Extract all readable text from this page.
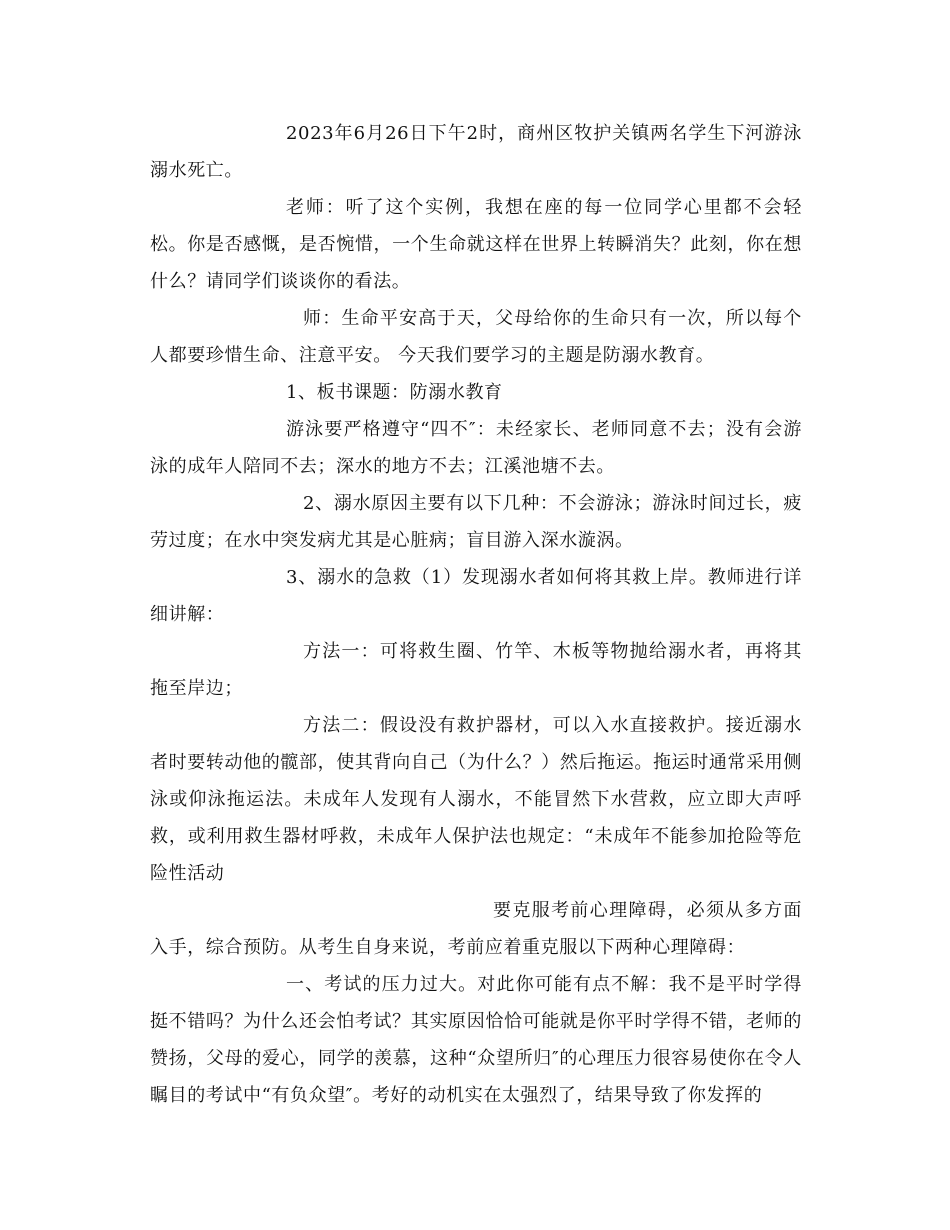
2023年6月26日下午2时，商州区牧护关镇两名学生下河游泳溺水死亡。

老师：听了这个实例，我想在座的每一位同学心里都不会轻松。你是否感慨，是否惋惜，一个生命就这样在世界上转瞬消失？此刻，你在想什么？请同学们谈谈你的看法。

师：生命平安高于天，父母给你的生命只有一次，所以每个人都要珍惜生命、注意平安。 今天我们要学习的主题是防溺水教育。

1、板书课题：防溺水教育

游泳要严格遵守“四不″：未经家长、老师同意不去；没有会游泳的成年人陪同不去；深水的地方不去；江溪池塘不去。

2、溺水原因主要有以下几种：不会游泳；游泳时间过长，疲劳过度；在水中突发病尤其是心脏病；盲目游入深水漩涡。

3、溺水的急救（1）发现溺水者如何将其救上岸。教师进行详细讲解：

方法一：可将救生圈、竹竿、木板等物抛给溺水者，再将其拖至岸边；

方法二：假设没有救护器材，可以入水直接救护。接近溺水者时要转动他的髋部，使其背向自己（为什么？）然后拖运。拖运时通常采用侧泳或仰泳拖运法。未成年人发现有人溺水，不能冒然下水营救，应立即大声呼救，或利用救生器材呼救，未成年人保护法也规定：“未成年不能参加抢险等危险性活动

要克服考前心理障碍，必须从多方面入手，综合预防。从考生自身来说，考前应着重克服以下两种心理障碍：

一、考试的压力过大。对此你可能有点不解：我不是平时学得挺不错吗？为什么还会怕考试？其实原因恰恰可能就是你平时学得不错，老师的赞扬，父母的爱心，同学的羡慕，这种“众望所归″的心理压力很容易使你在令人瞩目的考试中“有负众望″。考好的动机实在太强烈了，结果导致了你发挥的
